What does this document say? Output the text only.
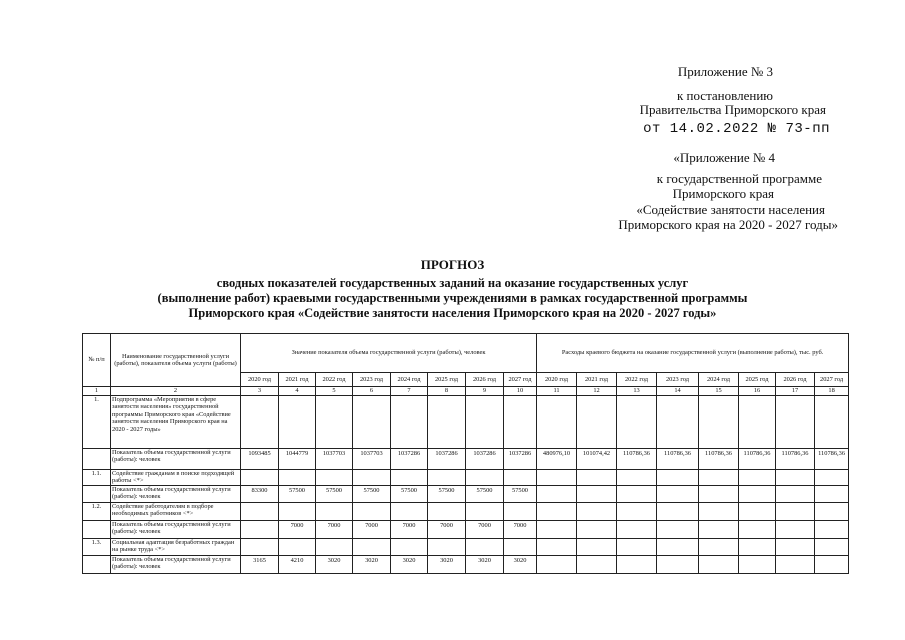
Приложение № 3
к постановлению
Правительства Приморского края
от 14.02.2022 № 73-пп
«Приложение № 4
к государственной программе
Приморского края
«Содействие занятости населения
Приморского края на 2020 - 2027 годы»
ПРОГНОЗ
сводных показателей государственных заданий на оказание государственных услуг
(выполнение работ) краевыми государственными учреждениями в рамках государственной программы
Приморского края «Содействие занятости населения Приморского края на 2020 - 2027 годы»
№ п/п	Наименование государственной услуги (работы), показателя объема услуги (работы)	Значение показателя объема государственной услуги (работы), человек								Расходы краевого бюджета на оказание государственной услуги (выполнение работы), тыс. руб.							
		2020 год	2021 год	2022 год	2023 год	2024 год	2025 год	2026 год	2027 год	2020 год	2021 год	2022 год	2023 год	2024 год	2025 год	2026 год	2027 год
1	2	3	4	5	6	7	8	9	10	11	12	13	14	15	16	17	18
1.	Подпрограмма «Мероприятия в сфере занятости населения» государственной программы Приморского края «Содействие занятости населения Приморского края на 2020 - 2027 годы»																
	Показатель объема государственной услуги (работы): человек	1093485	1044779	1037703	1037703	1037286	1037286	1037286	1037286	480976,10	101074,42	110786,36	110786,36	110786,36	110786,36	110786,36	110786,36
1.1.	Содействие гражданам в поиске подходящей работы <*>																
	Показатель объема государственной услуги (работы): человек	83300	57500	57500	57500	57500	57500	57500	57500								
1.2.	Содействие работодателям в подборе необходимых работников <*>																
	Показатель объема государственной услуги (работы): человек		7000	7000	7000	7000	7000	7000	7000								
1.3.	Социальная адаптация безработных граждан на рынке труда <*>																
	Показатель объема государственной услуги (работы): человек	3165	4210	3020	3020	3020	3020	3020	3020								
